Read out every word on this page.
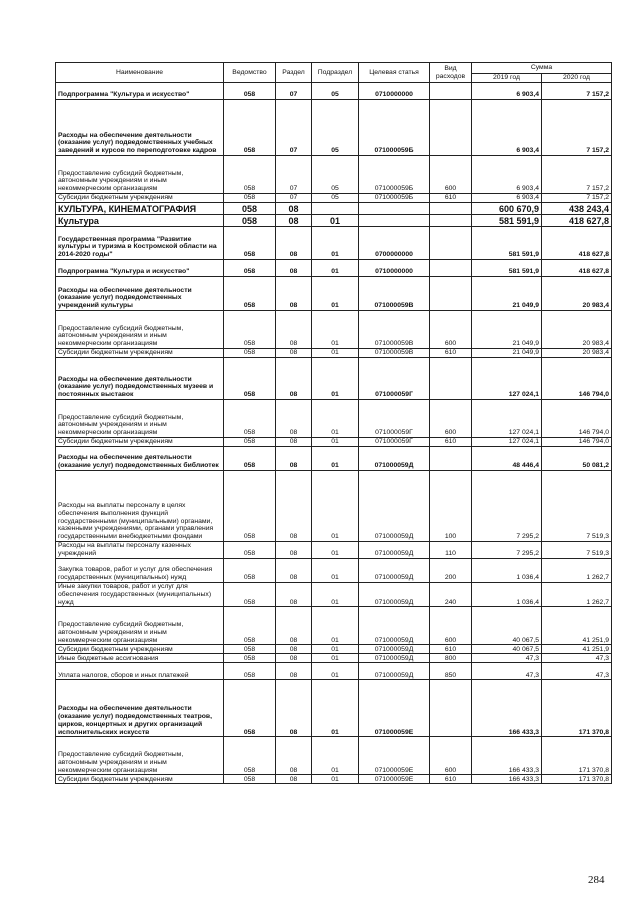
Наименование	Ведомство	Раздел	Подраздел	Целевая статья	Вид расходов	Сумма	
						2019 год	2020 год
Подпрограмма "Культура и искусство"	058	07	05	0710000000		6 903,4	7 157,2
Расходы на обеспечение деятельности (оказание услуг) подведомственных учебных заведений и курсов по переподготовке кадров	058	07	05	071000059Б		6 903,4	7 157,2
Предоставление субсидий бюджетным, автономным учреждениям и иным некоммерческим организациям	058	07	05	071000059Б	600	6 903,4	7 157,2
Субсидии бюджетным учреждениям	058	07	05	071000059Б	610	6 903,4	7 157,2
КУЛЬТУРА, КИНЕМАТОГРАФИЯ	058	08				600 670,9	438 243,4
Культура	058	08	01			581 591,9	418 627,8
Государственная программа "Развитие культуры и туризма в Костромской области на 2014-2020 годы"	058	08	01	0700000000		581 591,9	418 627,8
Подпрограмма "Культура и искусство"	058	08	01	0710000000		581 591,9	418 627,8
Расходы на обеспечение деятельности (оказание услуг) подведомственных учреждений культуры	058	08	01	071000059В		21 049,9	20 983,4
Предоставление субсидий бюджетным, автономным учреждениям и иным некоммерческим организациям	058	08	01	071000059В	600	21 049,9	20 983,4
Субсидии бюджетным учреждениям	058	08	01	071000059В	610	21 049,9	20 983,4
Расходы на обеспечение деятельности (оказание услуг) подведомственных музеев и постоянных выставок	058	08	01	071000059Г		127 024,1	146 794,0
Предоставление субсидий бюджетным, автономным учреждениям и иным некоммерческим организациям	058	08	01	071000059Г	600	127 024,1	146 794,0
Субсидии бюджетным учреждениям	058	08	01	071000059Г	610	127 024,1	146 794,0
Расходы на обеспечение деятельности (оказание услуг) подведомственных библиотек	058	08	01	071000059Д		48 446,4	50 081,2
Расходы на выплаты персоналу в целях обеспечения выполнения функций государственными (муниципальными) органами, казенными учреждениями, органами управления государственными внебюджетными фондами	058	08	01	071000059Д	100	7 295,2	7 519,3
Расходы на выплаты персоналу казенных учреждений	058	08	01	071000059Д	110	7 295,2	7 519,3
Закупка товаров, работ и услуг для обеспечения государственных (муниципальных) нужд	058	08	01	071000059Д	200	1 036,4	1 262,7
Иные закупки товаров, работ и услуг для обеспечения государственных (муниципальных) нужд	058	08	01	071000059Д	240	1 036,4	1 262,7
Предоставление субсидий бюджетным, автономным учреждениям и иным некоммерческим организациям	058	08	01	071000059Д	600	40 067,5	41 251,9
Субсидии бюджетным учреждениям	058	08	01	071000059Д	610	40 067,5	41 251,9
Иные бюджетные ассигнования	058	08	01	071000059Д	800	47,3	47,3
Уплата налогов, сборов и иных платежей	058	08	01	071000059Д	850	47,3	47,3
Расходы на обеспечение деятельности (оказание услуг) подведомственных театров, цирков, концертных и других организаций исполнительских искусств	058	08	01	071000059Е		166 433,3	171 370,8
Предоставление субсидий бюджетным, автономным учреждениям и иным некоммерческим организациям	058	08	01	071000059Е	600	166 433,3	171 370,8
Субсидии бюджетным учреждениям	058	08	01	071000059Е	610	166 433,3	171 370,8
284
